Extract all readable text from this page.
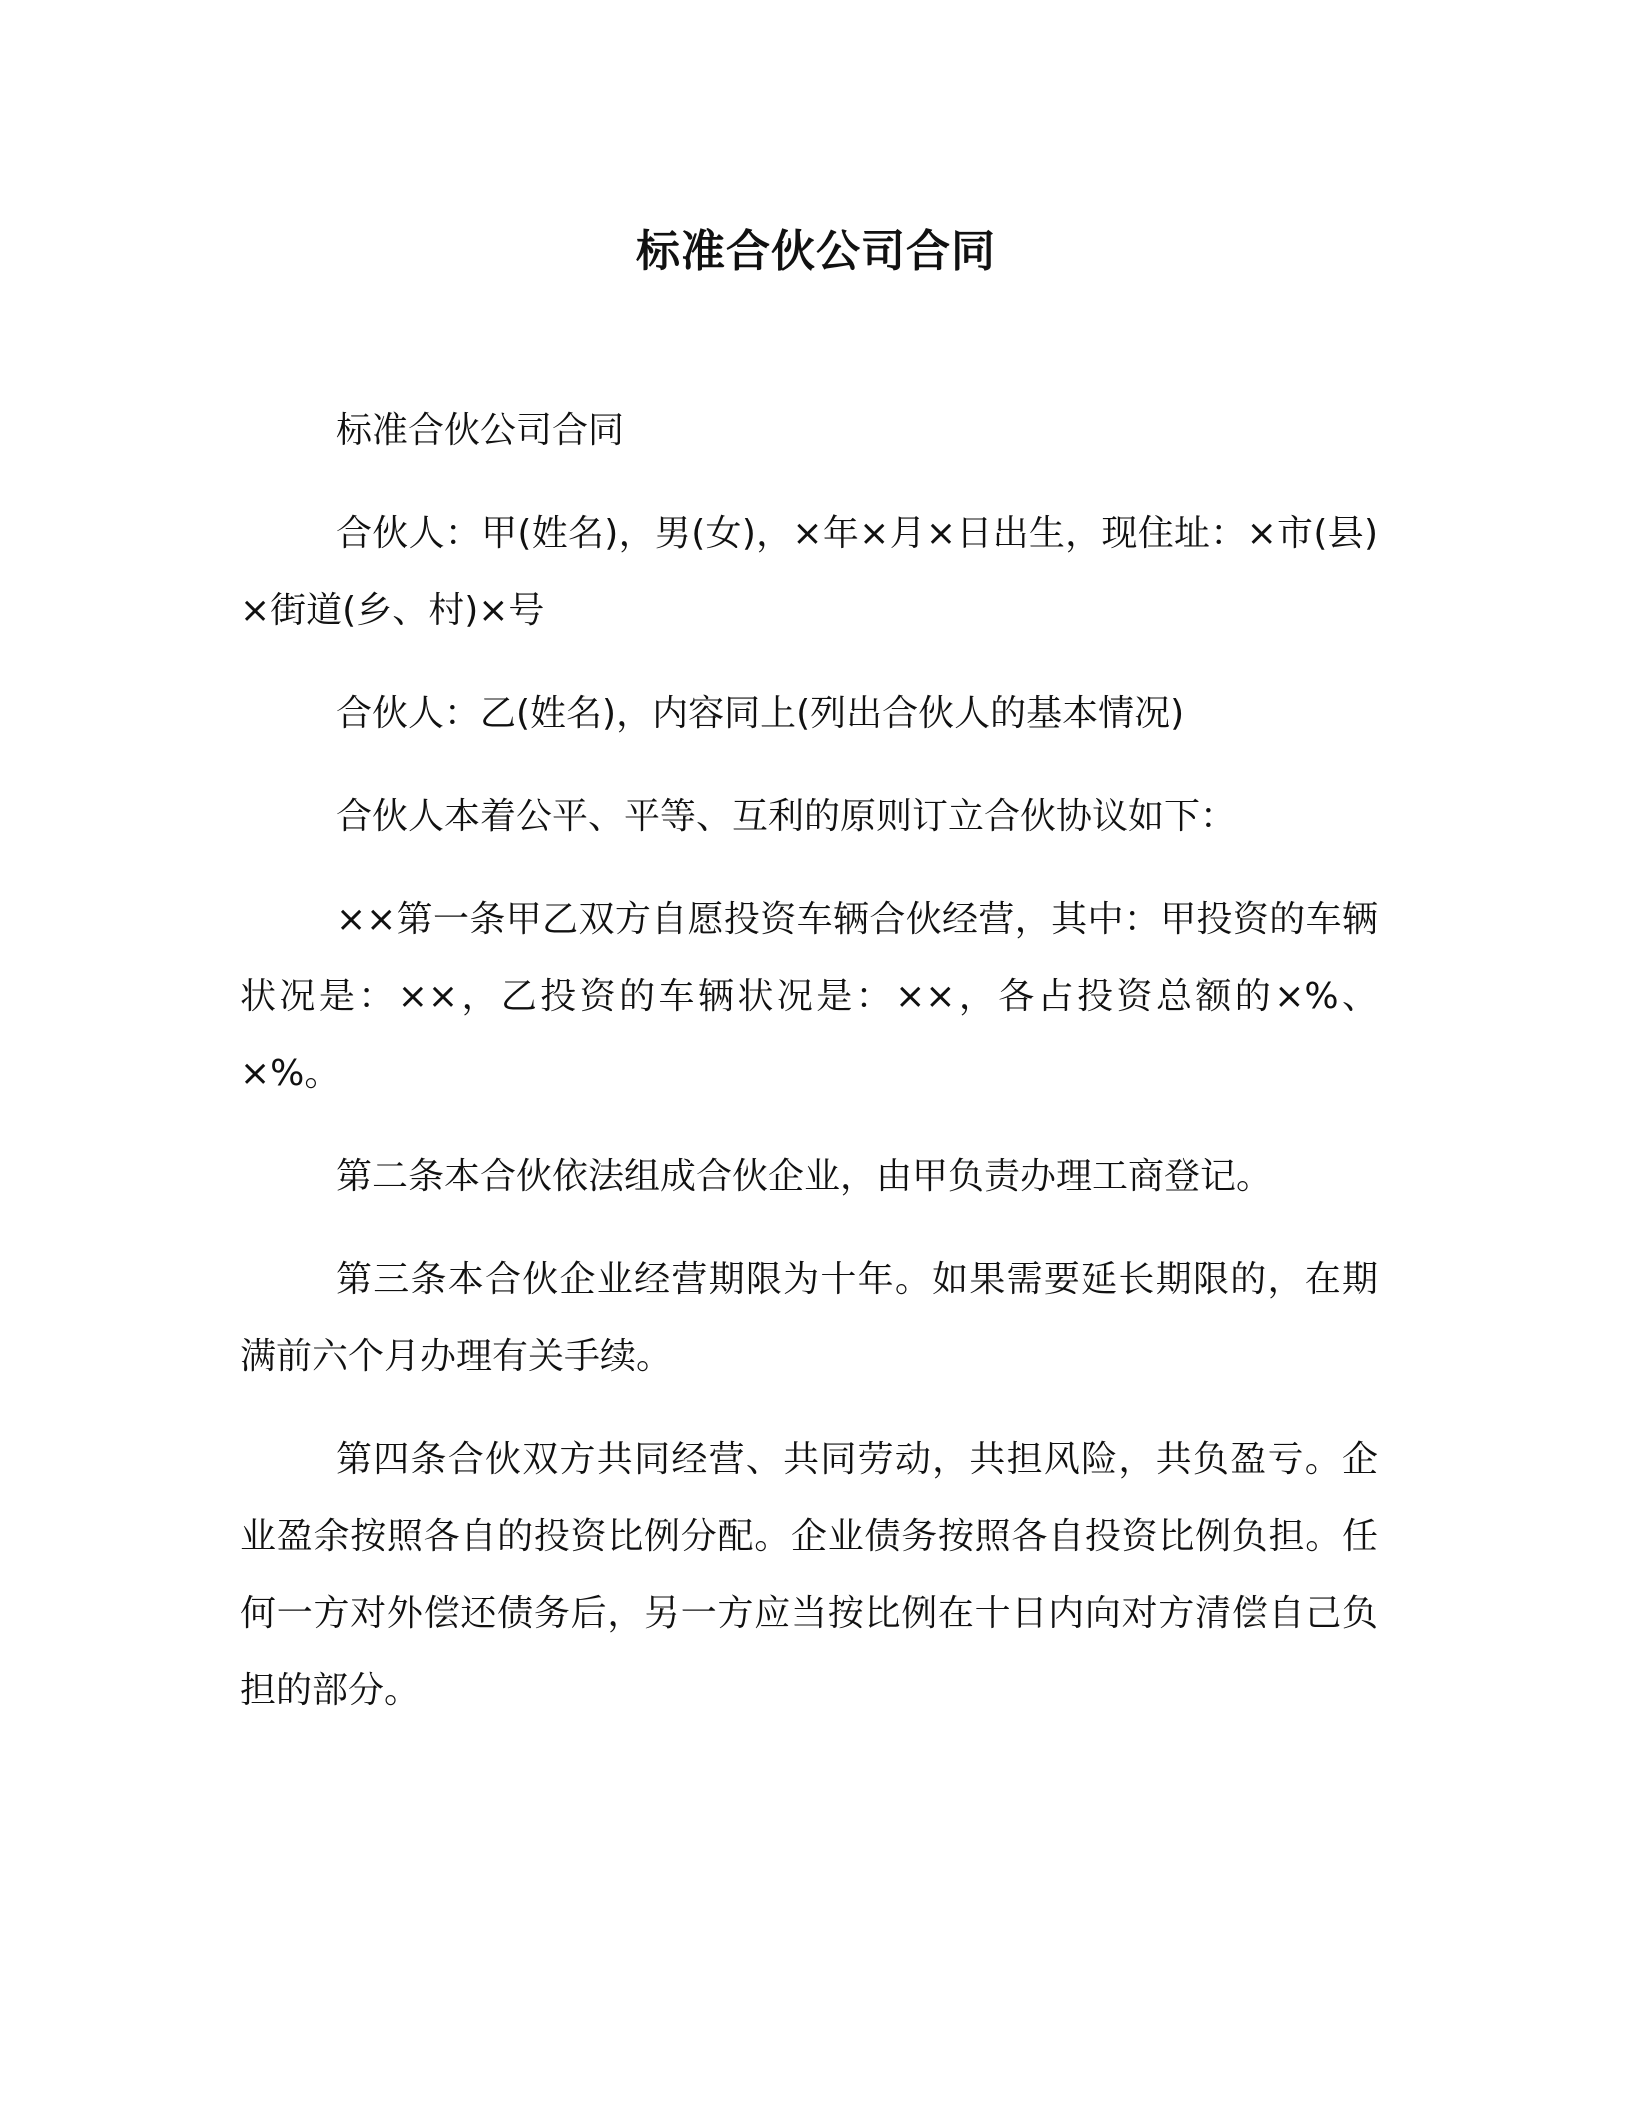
标准合伙公司合同

标准合伙公司合同

合伙人：甲(姓名)，男(女)，×年×月×日出生，现住址：×市(县)×街道(乡、村)×号

合伙人：乙(姓名)，内容同上(列出合伙人的基本情况)

合伙人本着公平、平等、互利的原则订立合伙协议如下：

××第一条甲乙双方自愿投资车辆合伙经营，其中：甲投资的车辆状况是：××，乙投资的车辆状况是：××，各占投资总额的×%、×%。

第二条本合伙依法组成合伙企业，由甲负责办理工商登记。

第三条本合伙企业经营期限为十年。如果需要延长期限的，在期满前六个月办理有关手续。

第四条合伙双方共同经营、共同劳动，共担风险，共负盈亏。企业盈余按照各自的投资比例分配。企业债务按照各自投资比例负担。任何一方对外偿还债务后，另一方应当按比例在十日内向对方清偿自己负担的部分。
